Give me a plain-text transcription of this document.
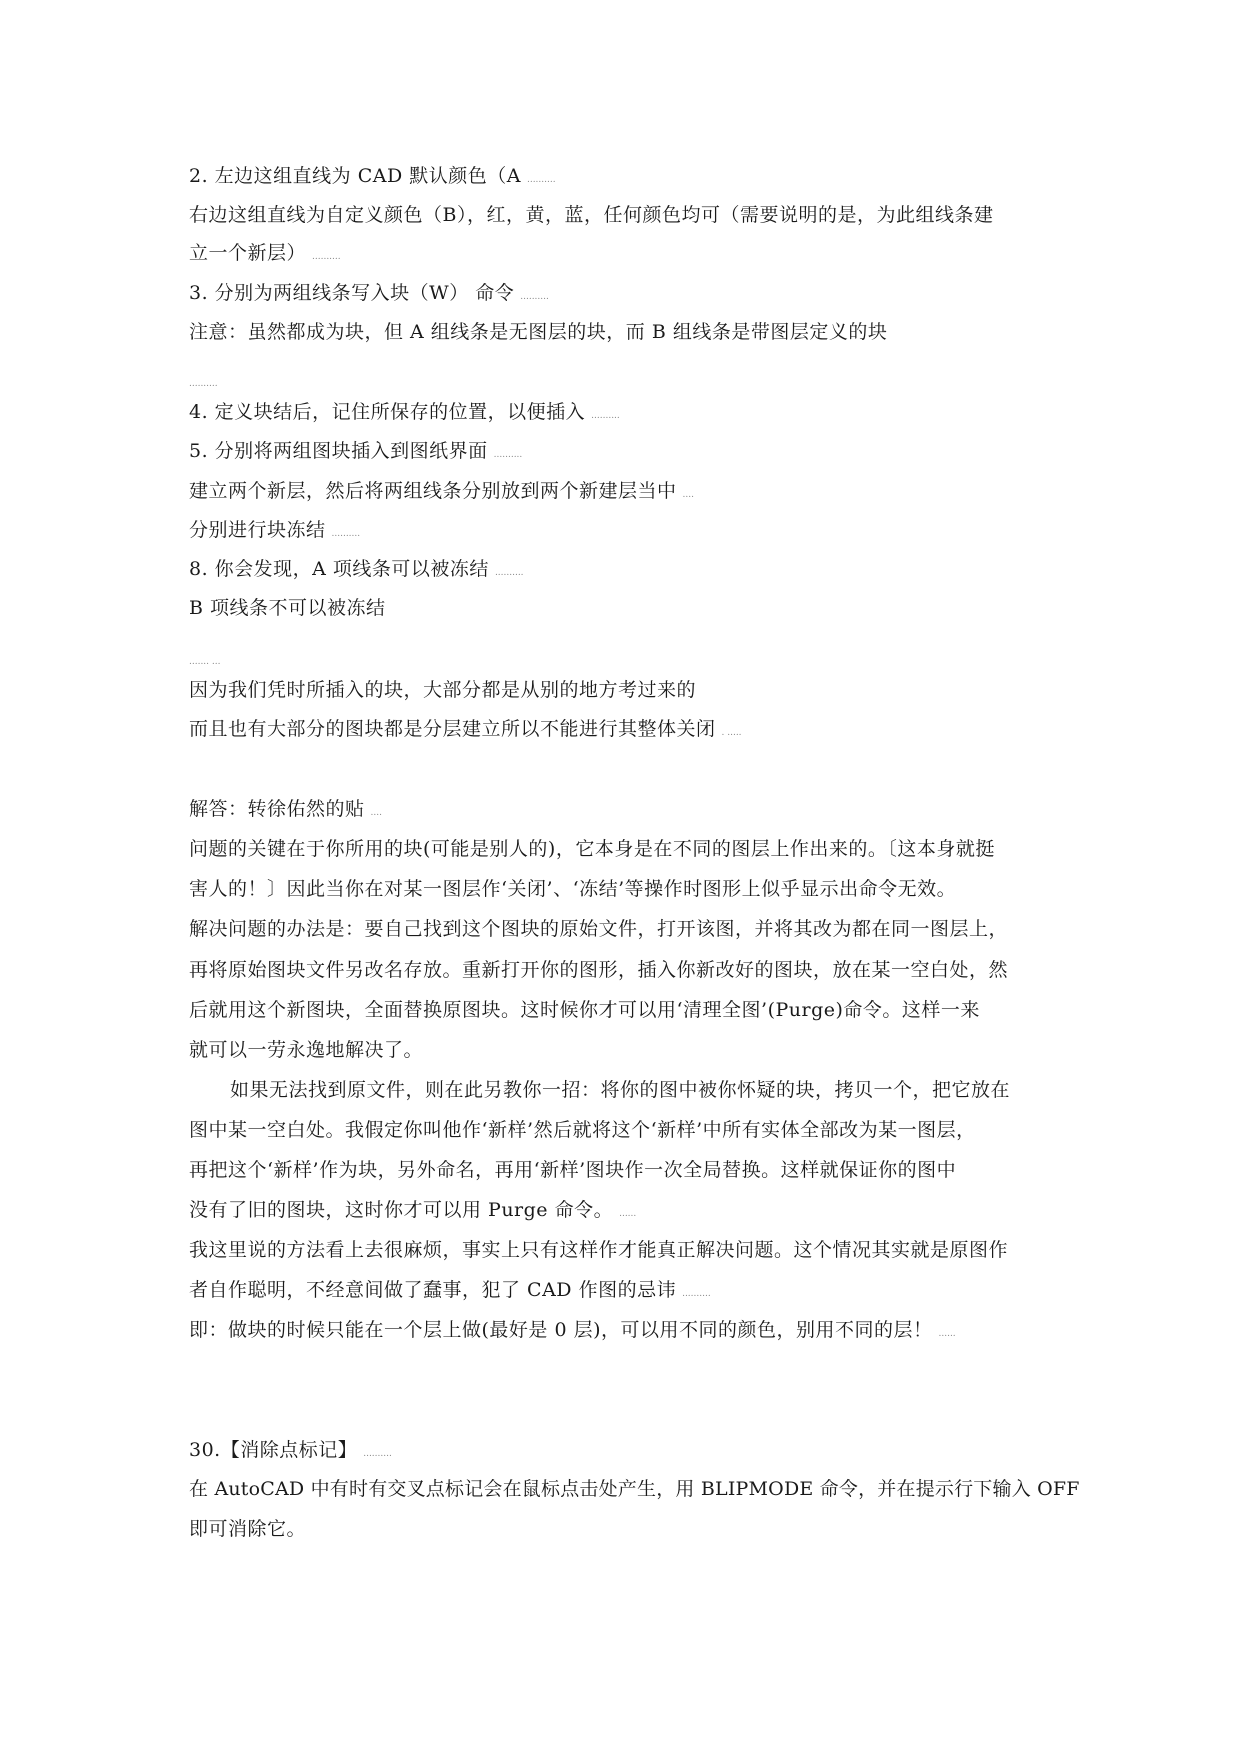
2. 左边这组直线为 CAD 默认颜色（A ..........
右边这组直线为自定义颜色（B），红，黄，蓝，任何颜色均可（需要说明的是，为此组线条建
立一个新层） ..........
3. 分别为两组线条写入块（W） 命令 ..........
注意：虽然都成为块，但 A 组线条是无图层的块，而 B 组线条是带图层定义的块
..........
4. 定义块结后，记住所保存的位置，以便插入 ..........
5. 分别将两组图块插入到图纸界面 ..........
建立两个新层，然后将两组线条分别放到两个新建层当中 ....
分别进行块冻结 ..........
8. 你会发现，A 项线条可以被冻结 ..........
B 项线条不可以被冻结
....... ...
因为我们凭时所插入的块，大部分都是从别的地方考过来的
而且也有大部分的图块都是分层建立所以不能进行其整体关闭 . .....
解答：转徐佑然的贴 ....
问题的关键在于你所用的块(可能是别人的)，它本身是在不同的图层上作出来的。〔这本身就挺
害人的！〕因此当你在对某一图层作‘关闭’、‘冻结’等操作时图形上似乎显示出命令无效。
解决问题的办法是：要自己找到这个图块的原始文件，打开该图，并将其改为都在同一图层上，
再将原始图块文件另改名存放。重新打开你的图形，插入你新改好的图块，放在某一空白处，然
后就用这个新图块，全面替换原图块。这时候你才可以用‘清理全图’(Purge)命令。这样一来
就可以一劳永逸地解决了。
如果无法找到原文件，则在此另教你一招：将你的图中被你怀疑的块，拷贝一个，把它放在
图中某一空白处。我假定你叫他作‘新样’然后就将这个‘新样’中所有实体全部改为某一图层，
再把这个‘新样’作为块，另外命名，再用‘新样’图块作一次全局替换。这样就保证你的图中
没有了旧的图块，这时你才可以用 Purge 命令。 ......
我这里说的方法看上去很麻烦，事实上只有这样作才能真正解决问题。这个情况其实就是原图作
者自作聪明，不经意间做了蠢事，犯了 CAD 作图的忌讳 ..........
即：做块的时候只能在一个层上做(最好是 0 层)，可以用不同的颜色，别用不同的层！ ......
30.【消除点标记】 ..........
在 AutoCAD 中有时有交叉点标记会在鼠标点击处产生，用 BLIPMODE 命令，并在提示行下输入 OFF
即可消除它。
